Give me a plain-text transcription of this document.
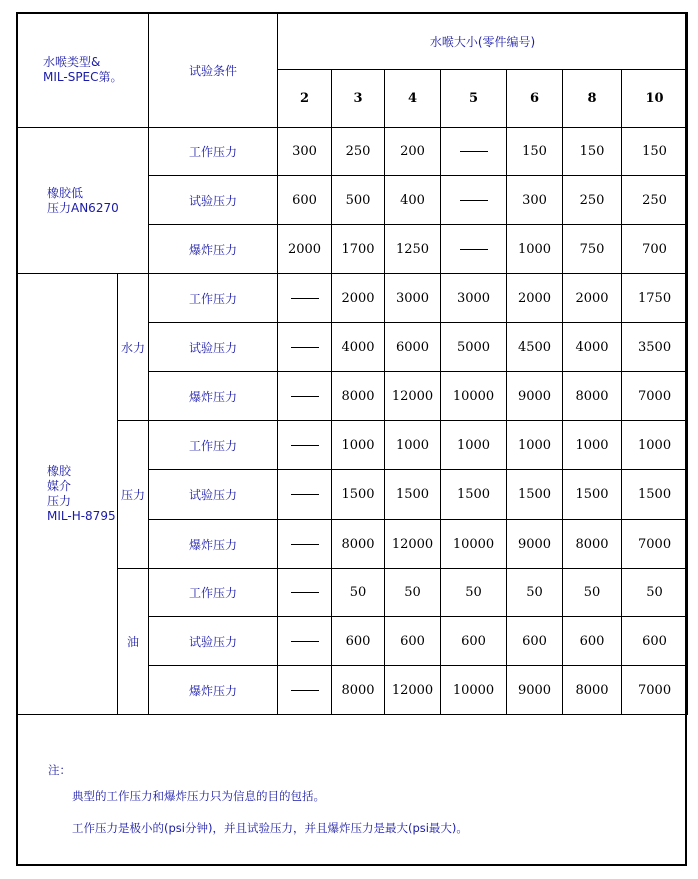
水喉类型&
MIL-SPEC第。		试验条件	水喉大小(零件编号)						
			2	3	4	5	6	8	10
橡胶低
压力AN6270		工作压力	300	250	200		150	150	150
		试验压力	600	500	400		300	250	250
		爆炸压力	2000	1700	1250		1000	750	700
橡胶
媒介
压力
MIL-H-8795	水力	工作压力		2000	3000	3000	2000	2000	1750
		试验压力		4000	6000	5000	4500	4000	3500
		爆炸压力		8000	12000	10000	9000	8000	7000
	压力	工作压力		1000	1000	1000	1000	1000	1000
		试验压力		1500	1500	1500	1500	1500	1500
		爆炸压力		8000	12000	10000	9000	8000	7000
	油	工作压力		50	50	50	50	50	50
		试验压力		600	600	600	600	600	600
		爆炸压力		8000	12000	10000	9000	8000	7000
注：
典型的工作压力和爆炸压力只为信息的目的包括。
工作压力是极小的(psi分钟)，并且试验压力，并且爆炸压力是最大(psi最大)。
